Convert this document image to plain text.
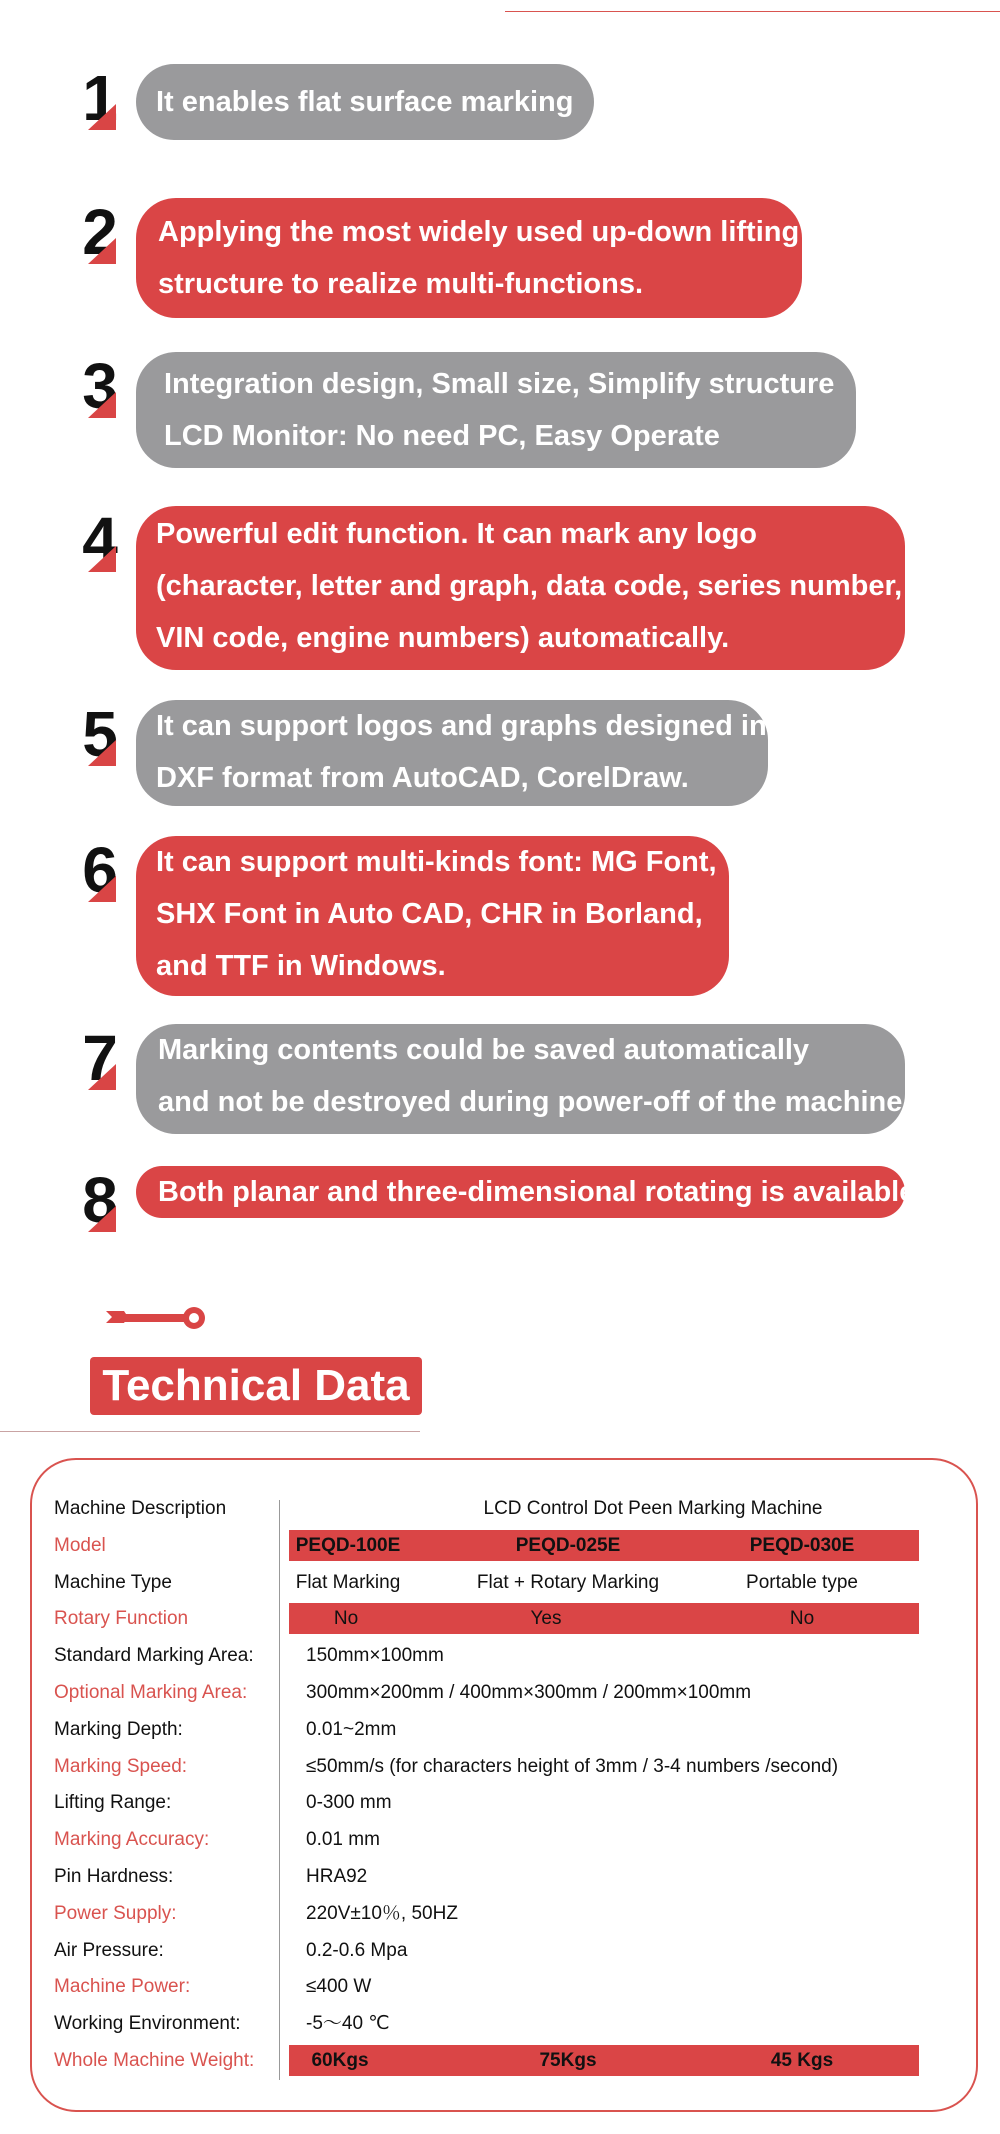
1 It enables flat surface marking
2 Applying the most widely used up-down lifting
structure to realize multi-functions.
3 Integration design, Small size, Simplify structure
LCD Monitor: No need PC, Easy Operate
4 Powerful edit function. It can mark any logo
(character, letter and graph, data code, series number,
VIN code, engine numbers) automatically.
5 It can support logos and graphs designed in
DXF format from AutoCAD, CorelDraw.
6 It can support multi-kinds font: MG Font,
SHX Font in Auto CAD, CHR in Borland,
and TTF in Windows.
7 Marking contents could be saved automatically
and not be destroyed during power-off of the machine.
8 Both planar and three-dimensional rotating is available.
Technical Data
Machine Description	LCD Control Dot Peen Marking Machine
Model	PEQD-100E	PEQD-025E	PEQD-030E
Machine Type	Flat Marking	Flat + Rotary Marking	Portable type
Rotary Function	No	Yes	No
Standard Marking Area:	150mm×100mm
Optional Marking Area:	300mm×200mm / 400mm×300mm / 200mm×100mm
Marking Depth:	0.01~2mm
Marking Speed:	≤50mm/s (for characters height of 3mm / 3-4 numbers /second)
Lifting Range:	0-300 mm
Marking Accuracy:	0.01 mm
Pin Hardness:	HRA92
Power Supply:	220V±10％, 50HZ
Air Pressure:	0.2-0.6 Mpa
Machine Power:	≤400 W
Working Environment:	-5～40 ℃
Whole Machine Weight:	60Kgs	75Kgs	45 Kgs
